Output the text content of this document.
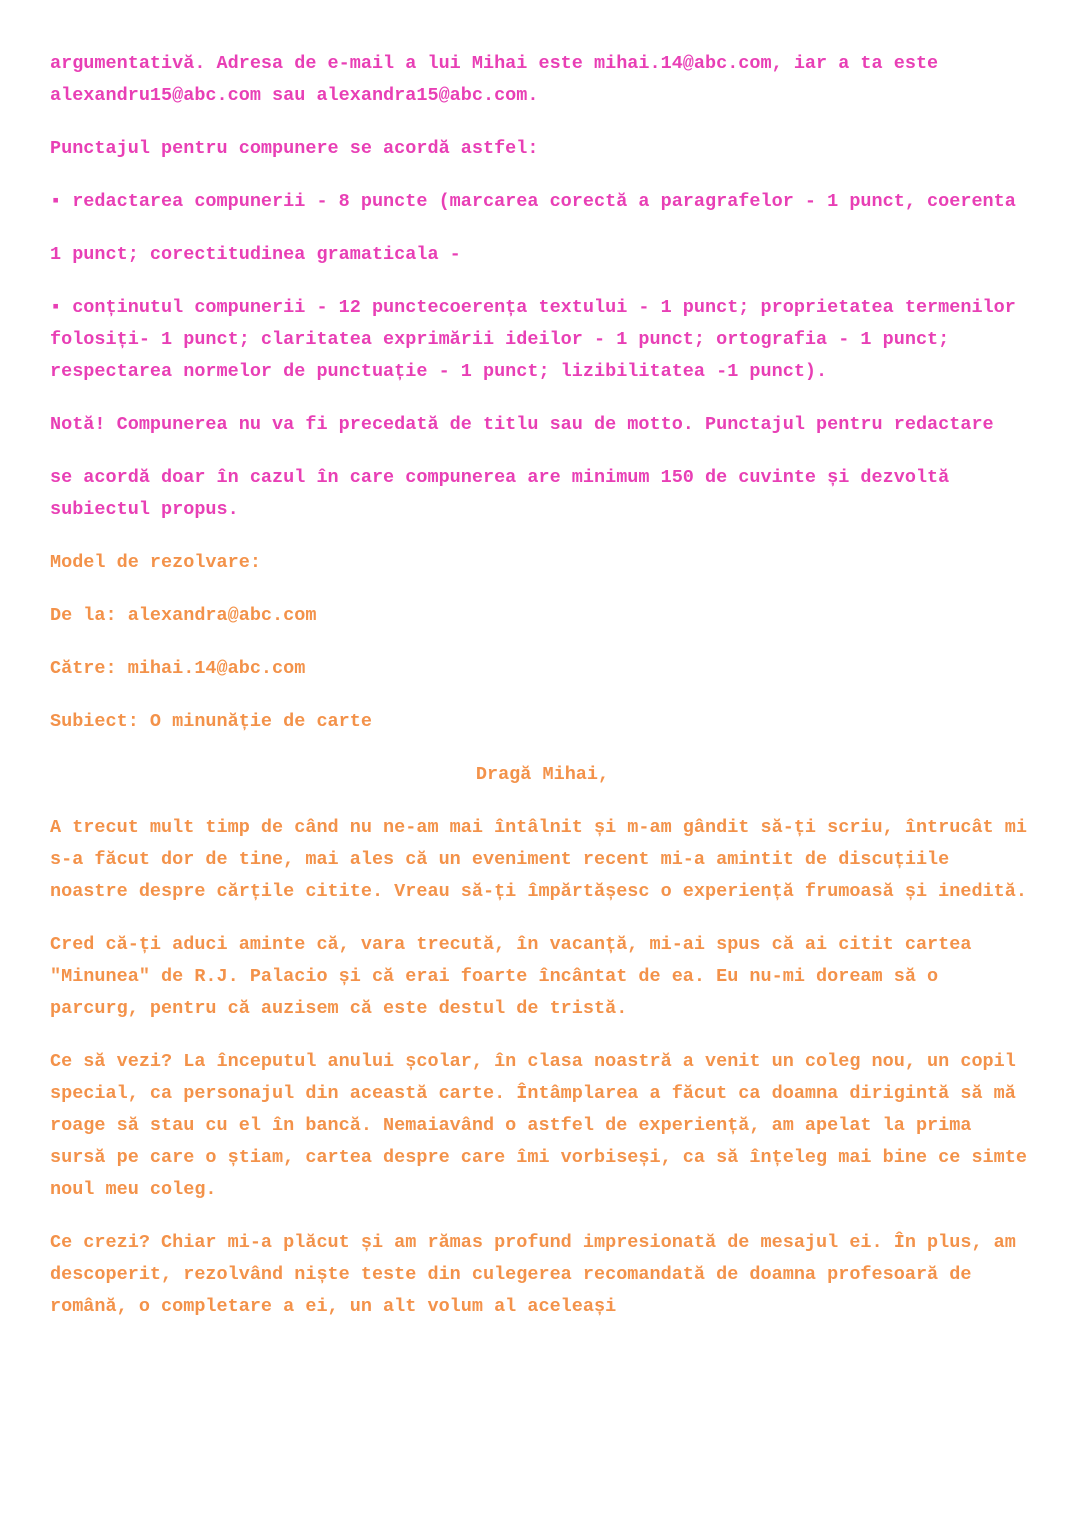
argumentativă. Adresa de e-mail a lui Mihai este mihai.14@abc.com, iar a ta este alexandru15@abc.com sau alexandra15@abc.com.

Punctajul pentru compunere se acordă astfel:

▪ redactarea compunerii - 8 puncte (marcarea corectă a paragrafelor - 1 punct, coerenta

1 punct; corectitudinea gramaticala -

▪ conținutul compunerii - 12 punctecoerența textului - 1 punct; proprietatea termenilor folosiți- 1 punct; claritatea exprimării ideilor - 1 punct; ortografia - 1 punct; respectarea normelor de punctuație - 1 punct; lizibilitatea -1 punct).

Notă! Compunerea nu va fi precedată de titlu sau de motto. Punctajul pentru redactare

se acordă doar în cazul în care compunerea are minimum 150 de cuvinte și dezvoltă subiectul propus.

Model de rezolvare:

De la: alexandra@abc.com

Către: mihai.14@abc.com

Subiect: O minunăție de carte

Dragă Mihai,

A trecut mult timp de când nu ne-am mai întâlnit și m-am gândit să-ți scriu, întrucât mi s-a făcut dor de tine, mai ales că un eveniment recent mi-a amintit de discuțiile noastre despre cărțile citite. Vreau să-ți împărtășesc o experiență frumoasă și inedită.

Cred că-ți aduci aminte că, vara trecută, în vacanță, mi-ai spus că ai citit cartea "Minunea" de R.J. Palacio și că erai foarte încântat de ea. Eu nu-mi doream să o parcurg, pentru că auzisem că este destul de tristă.

Ce să vezi? La începutul anului școlar, în clasa noastră a venit un coleg nou, un copil special, ca personajul din această carte. Întâmplarea a făcut ca doamna dirigintă să mă roage să stau cu el în bancă. Nemaiavând o astfel de experiență, am apelat la prima sursă pe care o știam, cartea despre care îmi vorbiseși, ca să înțeleg mai bine ce simte noul meu coleg.

Ce crezi? Chiar mi-a plăcut și am rămas profund impresionată de mesajul ei. În plus, am descoperit, rezolvând niște teste din culegerea recomandată de doamna profesoară de română, o completare a ei, un alt volum al aceleași
